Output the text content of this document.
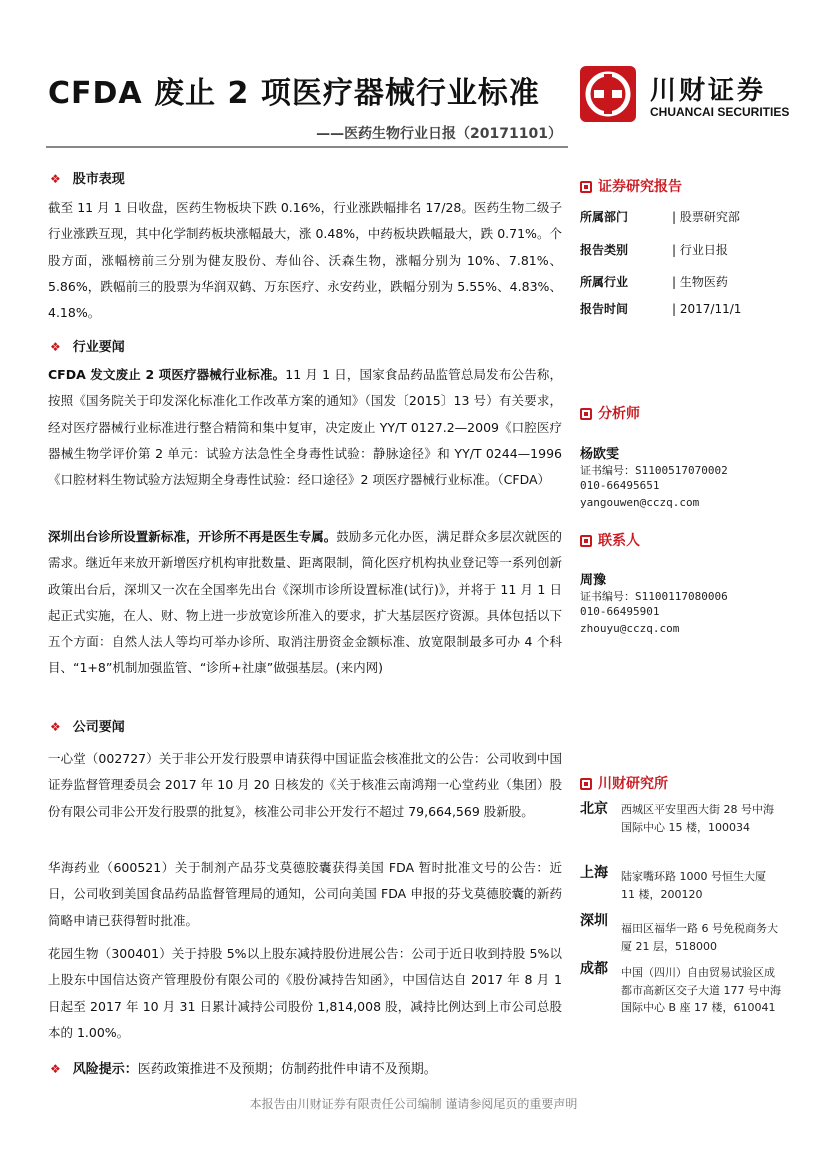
CFDA 废止 2 项医疗器械行业标准
——医药生物行业日报（20171101）
川财证券
CHUANCAI SECURITIES
❖ 股市表现
截至 11 月 1 日收盘，医药生物板块下跌 0.16%，行业涨跌幅排名 17/28。医药生物二级子行业涨跌互现，其中化学制药板块涨幅最大，涨 0.48%，中药板块跌幅最大，跌 0.71%。个股方面，涨幅榜前三分别为健友股份、寿仙谷、沃森生物，涨幅分别为 10%、7.81%、5.86%，跌幅前三的股票为华润双鹤、万东医疗、永安药业，跌幅分别为 5.55%、4.83%、4.18%。
❖ 行业要闻
CFDA 发文废止 2 项医疗器械行业标准。11 月 1 日，国家食品药品监管总局发布公告称，按照《国务院关于印发深化标准化工作改革方案的通知》（国发〔2015〕13 号）有关要求，经对医疗器械行业标准进行整合精简和集中复审，决定废止 YY/T 0127.2—2009《口腔医疗器械生物学评价第 2 单元：试验方法急性全身毒性试验：静脉途径》和 YY/T 0244—1996《口腔材料生物试验方法短期全身毒性试验：经口途径》2 项医疗器械行业标准。（CFDA）
深圳出台诊所设置新标准，开诊所不再是医生专属。鼓励多元化办医，满足群众多层次就医的需求。继近年来放开新增医疗机构审批数量、距离限制，简化医疗机构执业登记等一系列创新政策出台后，深圳又一次在全国率先出台《深圳市诊所设置标准(试行)》，并将于 11 月 1 日起正式实施，在人、财、物上进一步放宽诊所准入的要求，扩大基层医疗资源。具体包括以下五个方面：自然人法人等均可举办诊所、取消注册资金金额标准、放宽限制最多可办 4 个科目、“1+8”机制加强监管、“诊所+社康”做强基层。(来内网)
❖ 公司要闻
一心堂（002727）关于非公开发行股票申请获得中国证监会核准批文的公告：公司收到中国证券监督管理委员会 2017 年 10 月 20 日核发的《关于核准云南鸿翔一心堂药业（集团）股份有限公司非公开发行股票的批复》，核准公司非公开发行不超过 79,664,569 股新股。
华海药业（600521）关于制剂产品芬戈莫德胶囊获得美国 FDA 暂时批准文号的公告：近日，公司收到美国食品药品监督管理局的通知，公司向美国 FDA 申报的芬戈莫德胶囊的新药简略申请已获得暂时批准。
花园生物（300401）关于持股 5%以上股东减持股份进展公告：公司于近日收到持股 5%以上股东中国信达资产管理股份有限公司的《股份减持告知函》，中国信达自 2017 年 8 月 1 日起至 2017 年 10 月 31 日累计减持公司股份 1,814,008 股，减持比例达到上市公司总股本的 1.00%。
❖ 风险提示：医药政策推进不及预期；仿制药批件申请不及预期。
证券研究报告
所属部门	| 股票研究部
报告类别	| 行业日报
所属行业	| 生物医药
报告时间	| 2017/11/1
分析师
杨欧雯
证书编号：S1100517070002
010-66495651
yangouwen@cczq.com
联系人
周豫
证书编号：S1100117080006
010-66495901
zhouyu@cczq.com
川财研究所
北京 西城区平安里西大街 28 号中海国际中心 15 楼，100034
上海 陆家嘴环路 1000 号恒生大厦 11 楼，200120
深圳 福田区福华一路 6 号免税商务大厦 21 层，518000
成都 中国（四川）自由贸易试验区成都市高新区交子大道 177 号中海国际中心 B 座 17 楼，610041
本报告由川财证券有限责任公司编制 谨请参阅尾页的重要声明
